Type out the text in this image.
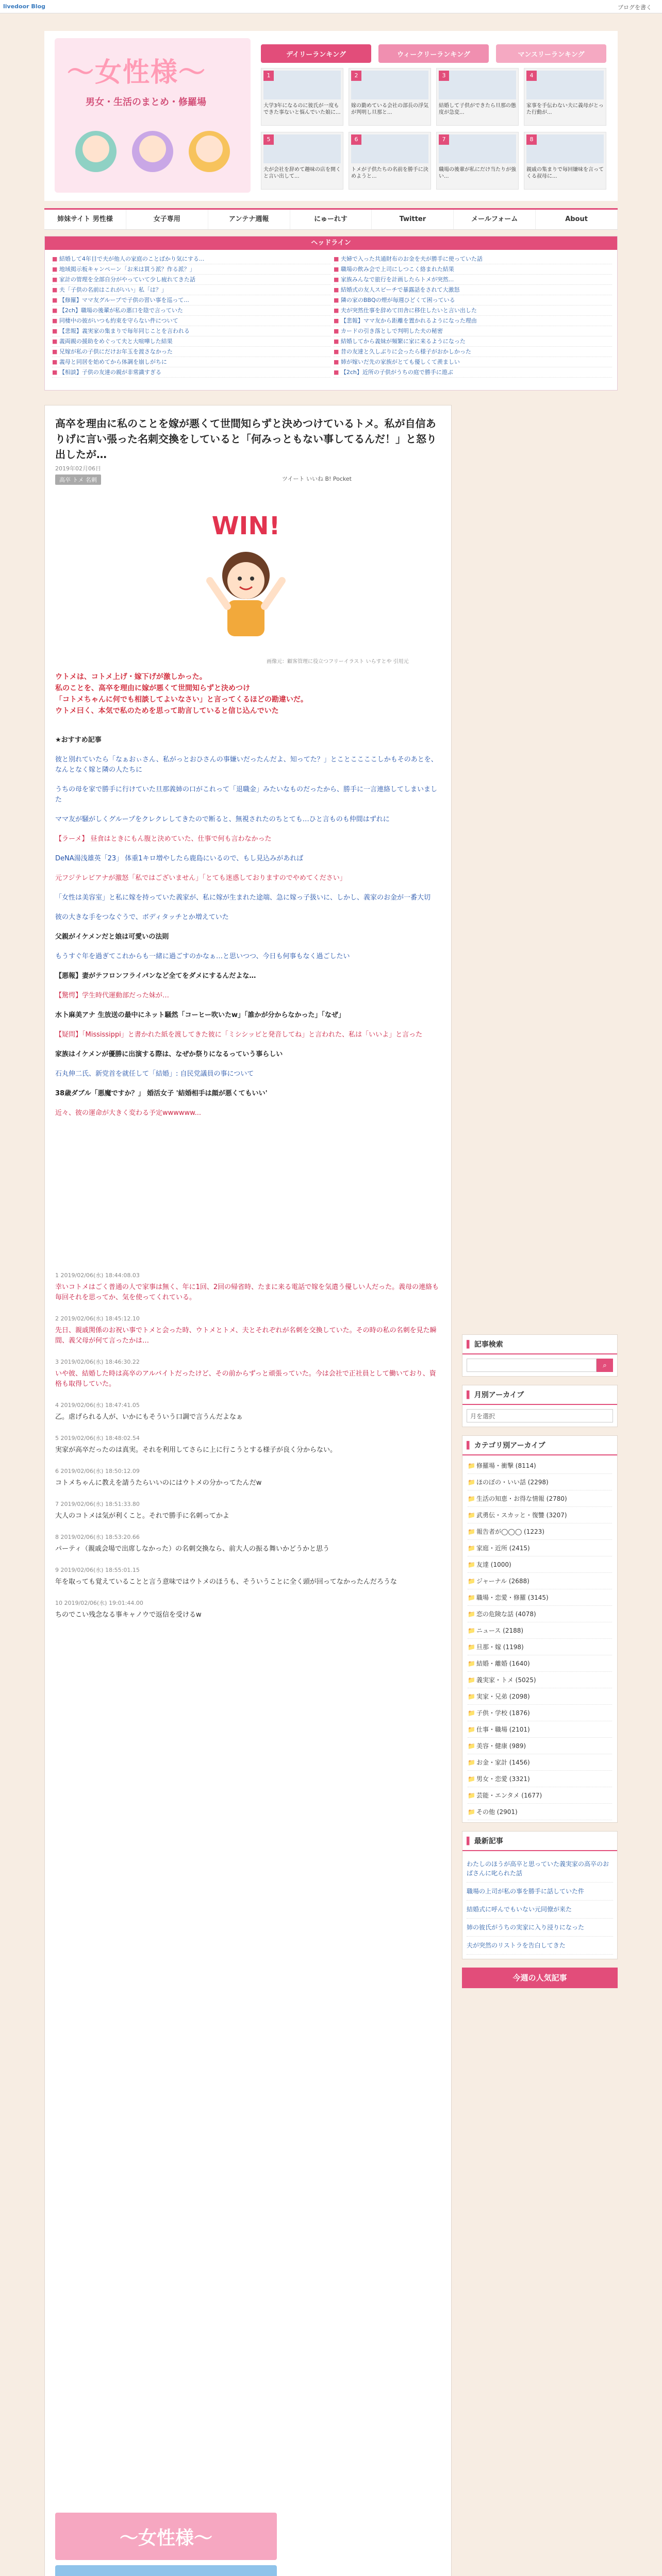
livedoor Blog	ブログを書く
〜女性様〜
男女・生活のまとめ・修羅場
デイリーランキング	ウィークリーランキング	マンスリーランキング
1
大学3年になるのに彼氏が一度もできた事ないと悩んでいた娘に...
2
嫁の勤めている会社の部長の浮気が判明し旦那と...
3
結婚して子供ができたら旦那の態度が急変...
4
家事を手伝わない夫に義母がとった行動が...
5
夫が会社を辞めて趣味の店を開くと言い出して...
6
トメが子供たちの名前を勝手に決めようと...
7
職場の後輩が私にだけ当たりが強い...
8
親戚の集まりで毎回嫌味を言ってくる叔母に...
姉妹サイト 男性様	女子専用	アンテナ週報	にゅーれす	Twitter	メールフォーム	About
ヘッドライン
■ 結婚して4年目で夫が他人の家庭のことばかり気にする...
■ 地域掲示板キャンペーン「お米は買う派？作る派？」
■ 家計の管理を全部自分がやっていて少し疲れてきた話
■ 夫「子供の名前はこれがいい」私「は？」
■ 【修羅】ママ友グループで子供の習い事を巡って...
■ 【2ch】職場の後輩が私の悪口を陰で言っていた
■ 同棲中の彼がいつも約束を守らない件について
■ 【悲報】義実家の集まりで毎年同じことを言われる
■ 義両親の援助をめぐって夫と大喧嘩した結果
■ 兄嫁が私の子供にだけお年玉を渡さなかった
■ 義母と同居を始めてから体調を崩しがちに
■ 【相談】子供の友達の親が非常識すぎる
■ 夫婦で入った共通財布のお金を夫が勝手に使っていた話
■ 職場の飲み会で上司にしつこく絡まれた結果
■ 家族みんなで旅行を計画したらトメが突然...
■ 結婚式の友人スピーチで暴露話をされて大激怒
■ 隣の家のBBQの煙が毎週ひどくて困っている
■ 夫が突然仕事を辞めて田舎に移住したいと言い出した
■ 【悲報】ママ友から距離を置かれるようになった理由
■ カードの引き落としで判明した夫の秘密
■ 結婚してから義妹が頻繁に家に来るようになった
■ 昔の友達と久しぶりに会ったら様子がおかしかった
■ 姉が嫁いだ先の家族がとても優しくて羨ましい
■ 【2ch】近所の子供がうちの庭で勝手に遊ぶ
高卒を理由に私のことを嫁が悪くて世間知らずと決めつけているトメ。私が自信ありげに言い張った名刺交換をしていると「何みっともない事してるんだ！」と怒り出したが…
2019年02月06日
高卒 トメ 名刺	ツイート いいね B! Pocket
WIN!
画像元：顧客管理に役立つフリーイラスト いらすとや 引用元
ウトメは、コトメ上げ・嫁下げが激しかった。
私のことを、高卒を理由に嫁が悪くて世間知らずと決めつけ
「コトメちゃんに何でも相談してよいなさい」と言ってくるほどの勘違いだ。
ウトメ曰く、本気で私のためを思って助言していると信じ込んでいた
★おすすめ記事
彼と別れていたら「なぁおぃさん、私がっとおひさんの事嫌いだったんだよ、知ってた？」とことここここしかもそのあとを、なんとなく嫁と隣の人たちに
うちの母を家で勝手に行けていた旦那義姉の口がこれって「退職金」みたいなものだったから、勝手に一言連絡してしまいました
ママ友が騒がしくグループをクレクレしてきたので断ると、無視されたのちとても…ひと言ものも仲間はずれに
【ラーメ】 昼食はときにもん腹と決めていた、仕事で何も言わなかった
DeNA湯浅雄英「23」 体重1キロ増やしたら鹿島にいるので、もし見込みがあれば
元フジテレビアナが激怒「私ではございません」「とても迷惑しておりますのでやめてください」
「女性は美容室」と私に嫁を持っていた義家が、私に嫁が生まれた途端、急に嫁っ子扱いに、しかし、義家のお金が一番大切
彼の大きな手をつなぐうで、ボディタッチとか増えていた
父親がイケメンだと娘は可愛いの法則
もうすぐ年を過ぎてこれからも一緒に過ごすのかなぁ…と思いつつ、今日も何事もなく過ごしたい
【悪報】妻がテフロンフライパンなど全てをダメにするんだよな…
【驚愕】学生時代運動部だった妹が…
水卜麻美アナ 生放送の最中にネット騒然「コーヒー吹いたw」「誰かが分からなかった」「なぜ」
【疑問】「Mississippi」と書かれた紙を渡してきた彼に「ミシシッピと発音してね」と言われた、私は「いいよ」と言った
家族はイケメンが優勝に出演する際は、なぜか祭りになるっていう事らしい
石丸伸二氏、新党首を就任して「結婚」: 自民党議員の事について
38歳ダブル「悪魔ですか？」 婚活女子 '結婚相手は顔が悪くてもいい'
近々、彼の運命が大きく変わる予定wwwwww...
1 2019/02/06(水) 18:44:08.03
幸いコトメはごく普通の人で家事は無く、年に1回、2回の帰省時、たまに来る電話で嫁を気遣う優しい人だった。義母の連絡も毎回それを思ってか、気を使ってくれている。
2 2019/02/06(水) 18:45:12.10
先日、親戚関係のお祝い事でトメと会った時、ウトメとトメ、夫とそれぞれが名刺を交換していた。その時の私の名刺を見た瞬間、義父母が何て言ったかは…
3 2019/02/06(水) 18:46:30.22
いや彼、結婚した時は高卒のアルバイトだったけど、その前からずっと頑張っていた。今は会社で正社員として働いており、資格も取得していた。
4 2019/02/06(水) 18:47:41.05
乙。虐げられる人が、いかにもそういう口調で言うんだよなぁ
5 2019/02/06(水) 18:48:02.54
実家が高卒だったのは真実。それを利用してさらに上に行こうとする様子が良く分からない。
6 2019/02/06(水) 18:50:12.09
コトメちゃんに教えを請うたらいいのにはウトメの分かってたんだw
7 2019/02/06(水) 18:51:33.80
大人のコトメは気が利くこと。それで勝手に名刺ってかよ
8 2019/02/06(水) 18:53:20.66
パーティ（親戚会場で出席しなかった）の名刺交換なら、前大人の振る舞いかどうかと思う
9 2019/02/06(水) 18:55:01.15
年を取っても覚えていることと言う意味ではウトメのほうも、そういうことに全く頭が回ってなかったんだろうな
10 2019/02/06(水) 19:01:44.00
ちのでこい残念なる事キャノウで返信を受けるw
〜女性様〜
▌ 記事検索
⌕
▌ 月別アーカイブ
月を選択
▌ カテゴリ別アーカイブ
📁 修羅場・衝撃 (8114)
📁 ほのぼの・いい話 (2298)
📁 生活の知恵・お得な情報 (2780)
📁 武勇伝・スカッと・復讐 (3207)
📁 報告者が◯◯◯ (1223)
📁 家庭・近所 (2415)
📁 友達 (1000)
📁 ジャーナル (2688)
📁 職場・恋愛・修羅 (3145)
📁 恋の危険な話 (4078)
📁 ニュース (2188)
📁 旦那・嫁 (1198)
📁 結婚・離婚 (1640)
📁 義実家・トメ (5025)
📁 実家・兄弟 (2098)
📁 子供・学校 (1876)
📁 仕事・職場 (2101)
📁 美容・健康 (989)
📁 お金・家計 (1456)
📁 男女・恋愛 (3321)
📁 芸能・エンタメ (1677)
📁 その他 (2901)
▌ 最新記事
わたしのほうが高卒と思っていた義実家の高卒のおばさんに叱られた話
職場の上司が私の事を勝手に話していた件
結婚式に呼んでもいない元同僚が来た
姉の彼氏がうちの実家に入り浸りになった
夫が突然のリストラを告白してきた
今週の人気記事
